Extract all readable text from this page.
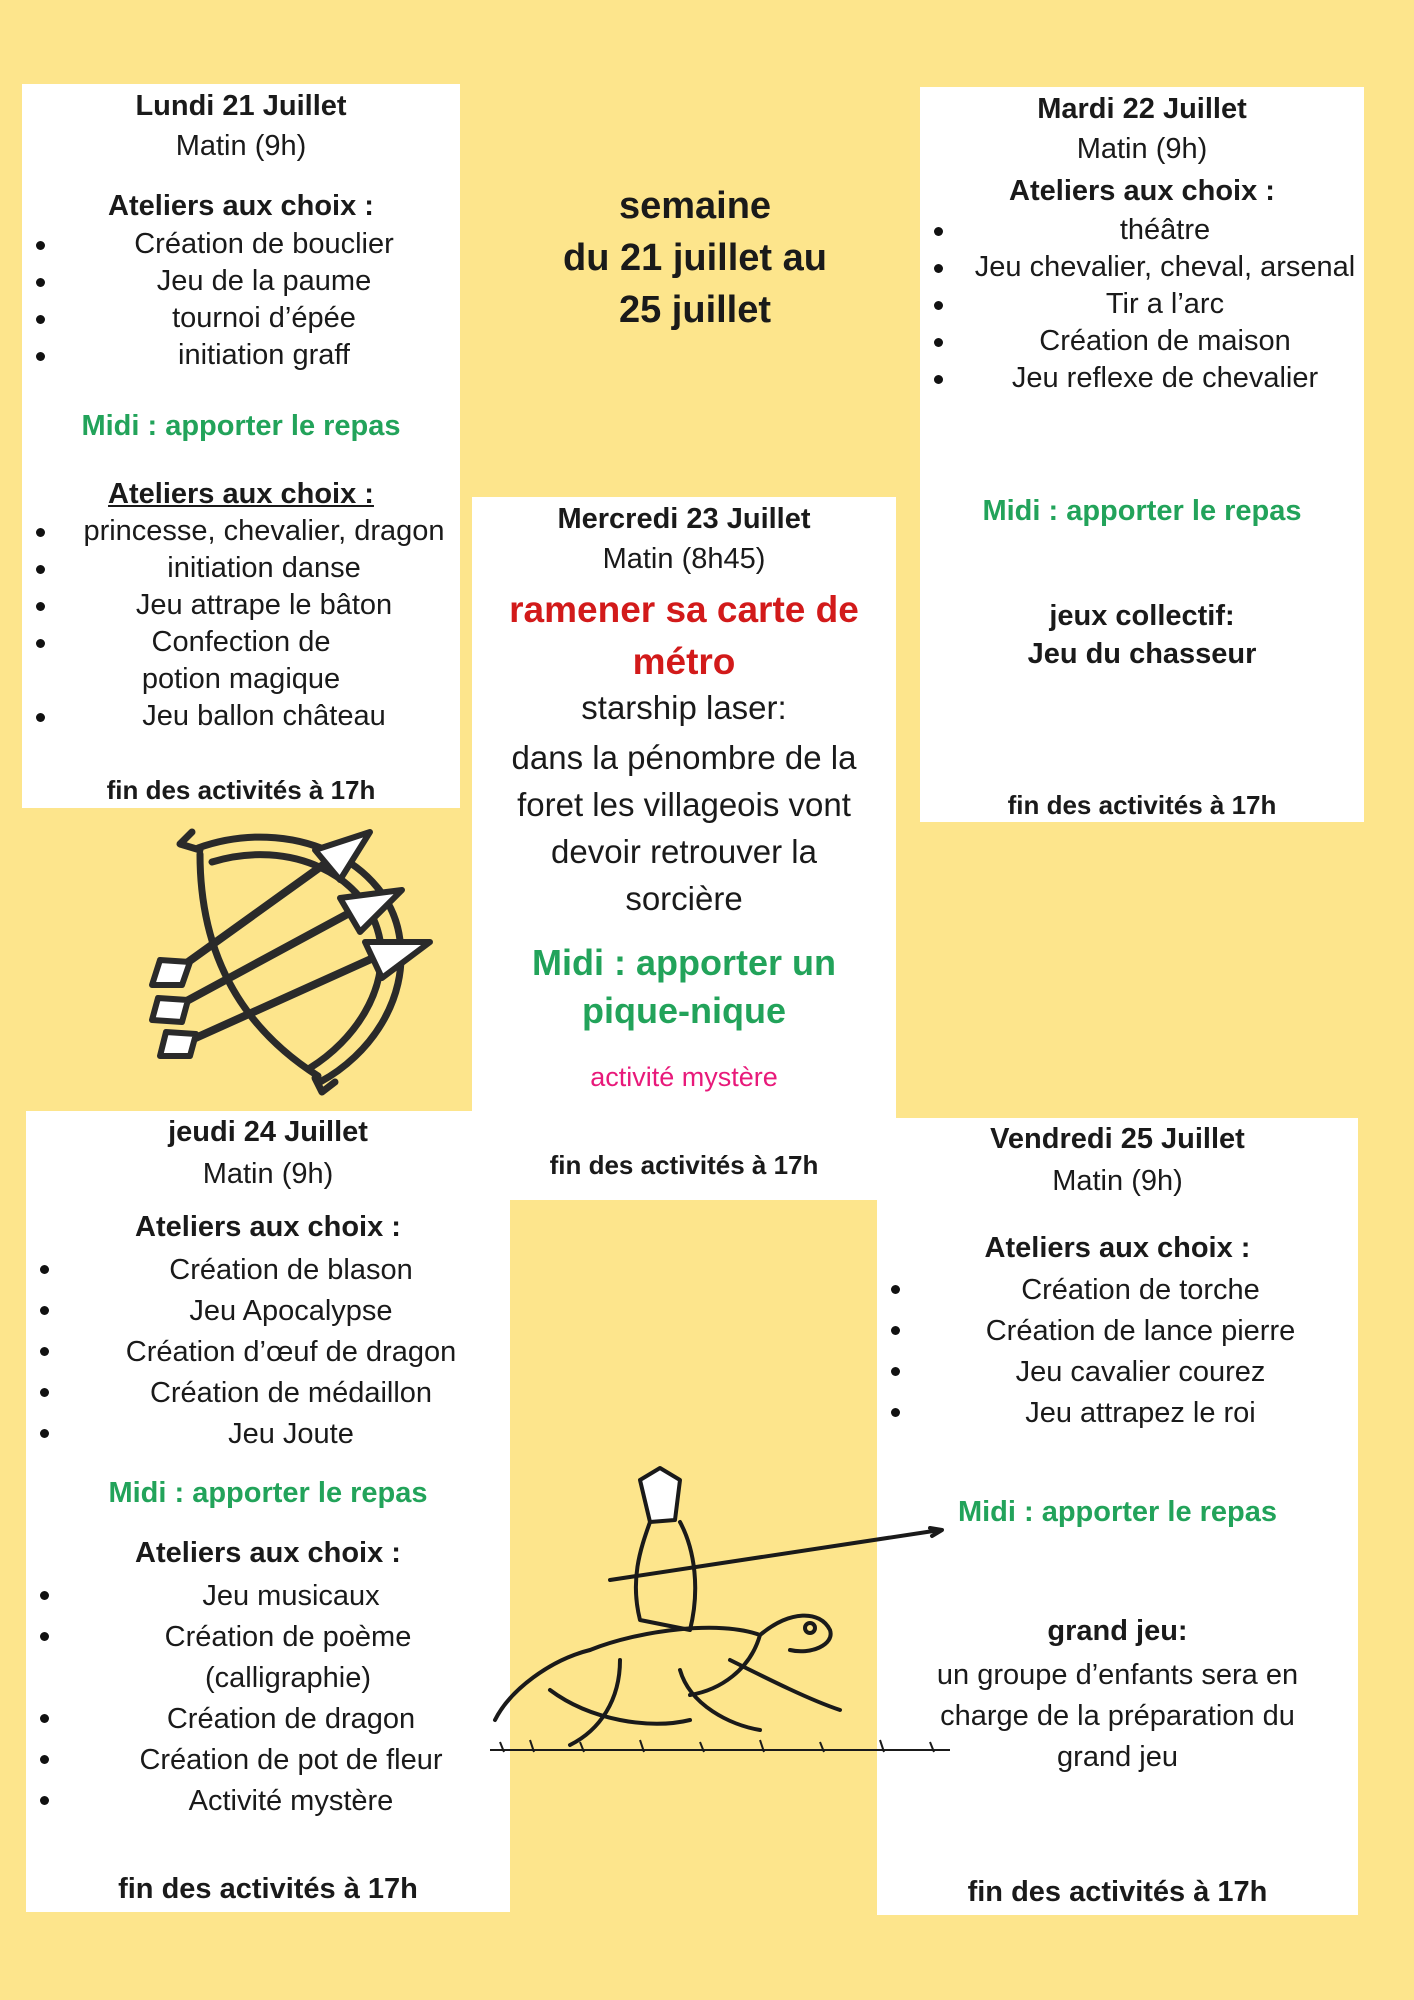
semaine
du 21 juillet au
25 juillet
Lundi 21 Juillet
Matin (9h)
Ateliers aux choix :
Création de bouclier
Jeu de la paume
tournoi d’épée
initiation graff
Midi : apporter le repas
Ateliers aux choix :
princesse, chevalier, dragon
initiation danse
Jeu attrape le bâton
Confection de potion magique
Jeu ballon château
fin des activités à 17h
Mardi 22 Juillet
Matin (9h)
Ateliers aux choix :
théâtre
Jeu chevalier, cheval, arsenal
Tir a l’arc
Création de maison
Jeu reflexe de chevalier
Midi : apporter le repas
jeux collectif:
Jeu du chasseur
fin des activités à 17h
Mercredi 23 Juillet
Matin (8h45)
ramener sa carte de métro
starship laser:
dans la pénombre de la foret les villageois vont devoir retrouver la sorcière
Midi : apporter un pique-nique
activité mystère
fin des activités à 17h
jeudi 24 Juillet
Matin (9h)
Ateliers aux choix :
Création de blason
Jeu Apocalypse
Création d’œuf de dragon
Création de médaillon
Jeu Joute
Midi : apporter le repas
Ateliers aux choix :
Jeu musicaux
Création de poème (calligraphie)
Création de dragon
Création de pot de fleur
Activité mystère
fin des activités à 17h
Vendredi 25 Juillet
Matin (9h)
Ateliers aux choix :
Création de torche
Création de lance pierre
Jeu cavalier courez
Jeu attrapez le roi
Midi : apporter le repas
grand jeu:
un groupe d’enfants sera en charge de la préparation du grand jeu
fin des activités à 17h
